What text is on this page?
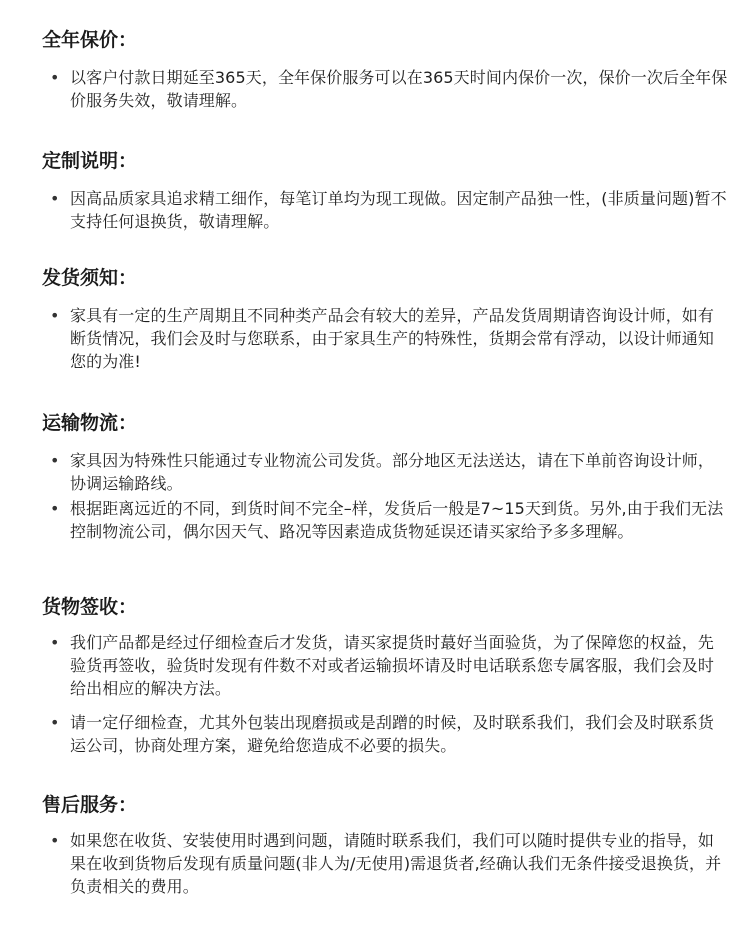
全年保价：
• 以客户付款日期延至365天，全年保价服务可以在365天时间内保价一次，保价一次后全年保价服务失效，敬请理解。
定制说明：
• 因高品质家具追求精工细作，每笔订单均为现工现做。因定制产品独一性，(非质量问题)暂不支持任何退换货，敬请理解。
发货须知：
• 家具有一定的生产周期且不同种类产品会有较大的差异，产品发货周期请咨询设计师，如有断货情况，我们会及时与您联系，由于家具生产的特殊性，货期会常有浮动，以设计师通知您的为准!
运输物流：
• 家具因为特殊性只能通过专业物流公司发货。部分地区无法送达，请在下单前咨询设计师，协调运输路线。
• 根据距离远近的不同，到货时间不完全–样，发货后一般是7~15天到货。另外,由于我们无法控制物流公司，偶尔因天气、路况等因素造成货物延误还请买家给予多多理解。
货物签收：
• 我们产品都是经过仔细检查后才发货，请买家提货时蕞好当面验货，为了保障您的权益，先验货再签收，验货时发现有件数不对或者运输损坏请及时电话联系您专属客服，我们会及时给出相应的解决方法。
• 请一定仔细检查，尤其外包装出现磨损或是刮蹭的时候，及时联系我们，我们会及时联系货运公司，协商处理方案，避免给您造成不必要的损失。
售后服务：
• 如果您在收货、安装使用时遇到问题，请随时联系我们，我们可以随时提供专业的指导，如果在收到货物后发现有质量问题(非人为/无使用)需退货者,经确认我们无条件接受退换货，并负责相关的费用。
